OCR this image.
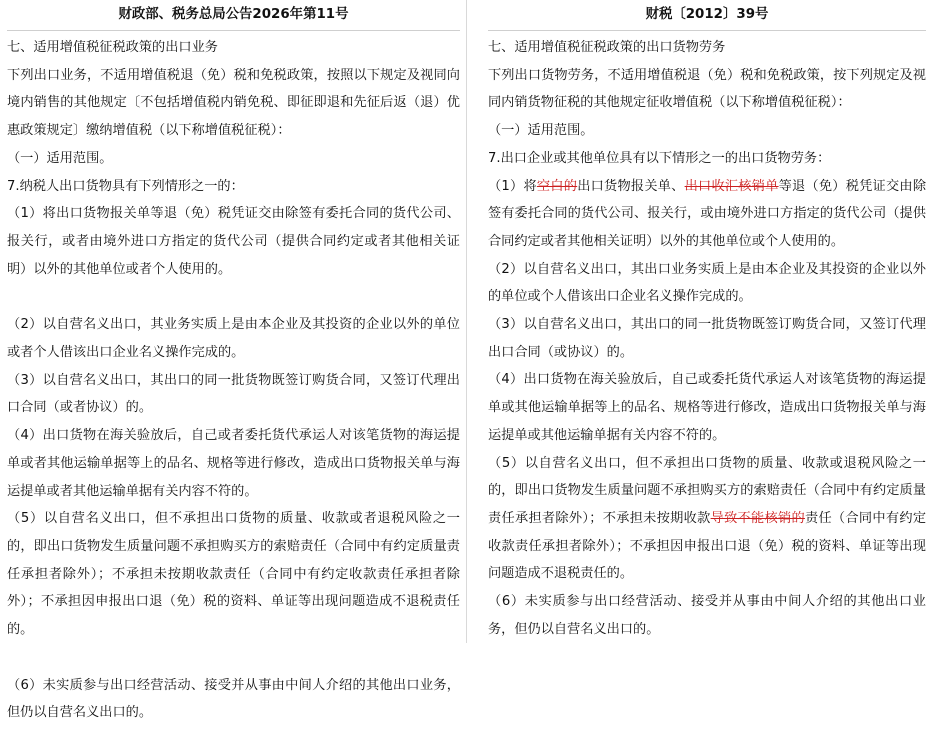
财政部、税务总局公告2026年第11号

七、适用增值税征税政策的出口业务

下列出口业务，不适用增值税退（免）税和免税政策，按照以下规定及视同向境内销售的其他规定〔不包括增值税内销免税、即征即退和先征后返（退）优惠政策规定〕缴纳增值税（以下称增值税征税）：

（一）适用范围。

7.纳税人出口货物具有下列情形之一的：

（1）将出口货物报关单等退（免）税凭证交由除签有委托合同的货代公司、报关行，或者由境外进口方指定的货代公司（提供合同约定或者其他相关证明）以外的其他单位或者个人使用的。

（2）以自营名义出口，其业务实质上是由本企业及其投资的企业以外的单位或者个人借该出口企业名义操作完成的。

（3）以自营名义出口，其出口的同一批货物既签订购货合同，又签订代理出口合同（或者协议）的。

（4）出口货物在海关验放后，自己或者委托货代承运人对该笔货物的海运提单或者其他运输单据等上的品名、规格等进行修改，造成出口货物报关单与海运提单或者其他运输单据有关内容不符的。

（5）以自营名义出口，但不承担出口货物的质量、收款或者退税风险之一的，即出口货物发生质量问题不承担购买方的索赔责任（合同中有约定质量责任承担者除外）；不承担未按期收款责任（合同中有约定收款责任承担者除外）；不承担因申报出口退（免）税的资料、单证等出现问题造成不退税责任的。

（6）未实质参与出口经营活动、接受并从事由中间人介绍的其他出口业务，但仍以自营名义出口的。

财税〔2012〕39号

七、适用增值税征税政策的出口货物劳务

下列出口货物劳务，不适用增值税退（免）税和免税政策，按下列规定及视同内销货物征税的其他规定征收增值税（以下称增值税征税）：

（一）适用范围。

7.出口企业或其他单位具有以下情形之一的出口货物劳务：

（1）将空白的出口货物报关单、出口收汇核销单等退（免）税凭证交由除签有委托合同的货代公司、报关行，或由境外进口方指定的货代公司（提供合同约定或者其他相关证明）以外的其他单位或个人使用的。

（2）以自营名义出口，其出口业务实质上是由本企业及其投资的企业以外的单位或个人借该出口企业名义操作完成的。

（3）以自营名义出口，其出口的同一批货物既签订购货合同，又签订代理出口合同（或协议）的。

（4）出口货物在海关验放后，自己或委托货代承运人对该笔货物的海运提单或其他运输单据等上的品名、规格等进行修改，造成出口货物报关单与海运提单或其他运输单据有关内容不符的。

（5）以自营名义出口，但不承担出口货物的质量、收款或退税风险之一的，即出口货物发生质量问题不承担购买方的索赔责任（合同中有约定质量责任承担者除外）；不承担未按期收款导致不能核销的责任（合同中有约定收款责任承担者除外）；不承担因申报出口退（免）税的资料、单证等出现问题造成不退税责任的。

（6）未实质参与出口经营活动、接受并从事由中间人介绍的其他出口业务，但仍以自营名义出口的。
